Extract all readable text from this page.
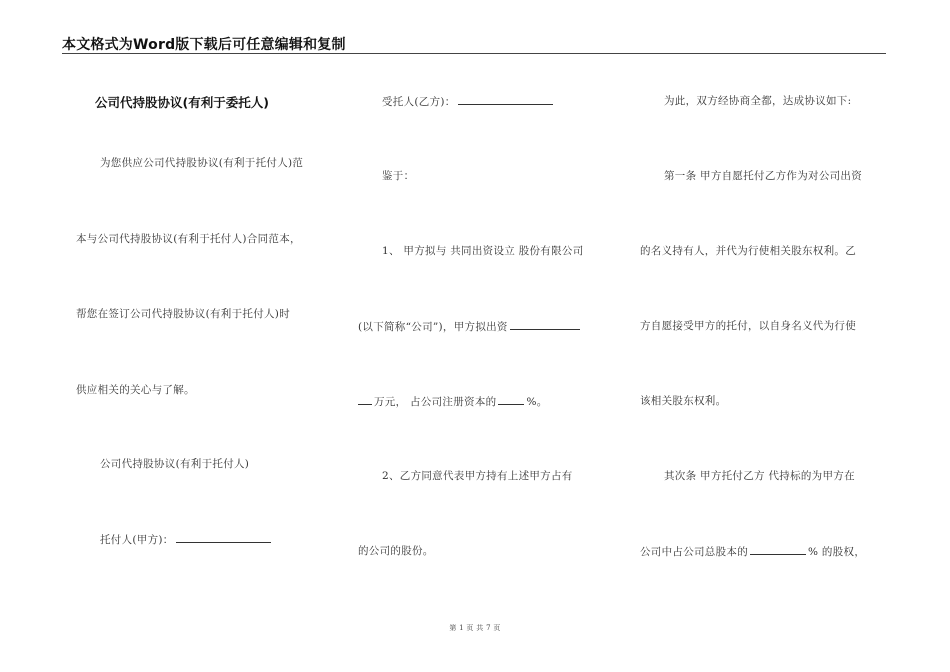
本文格式为Word版下载后可任意编辑和复制
公司代持股协议(有利于委托人)
为您供应公司代持股协议(有利于托付人)范
本与公司代持股协议(有利于托付人)合同范本，
帮您在签订公司代持股协议(有利于托付人)时
供应相关的关心与了解。
公司代持股协议(有利于托付人)
托付人(甲方)：
受托人(乙方)：
鉴于：
1、 甲方拟与 共同出资设立 股份有限公司
(以下简称“公司”)，甲方拟出资
万元， 占公司注册资本的	%。
2、乙方同意代表甲方持有上述甲方占有
的公司的股份。
为此，双方经协商全都，达成协议如下:
第一条 甲方自愿托付乙方作为对公司出资
的名义持有人，并代为行使相关股东权利。乙
方自愿接受甲方的托付，以自身名义代为行使
该相关股东权利。
其次条 甲方托付乙方 代持标的为甲方在
公司中占公司总股本的	% 的股权，
第 1 页 共 7 页
